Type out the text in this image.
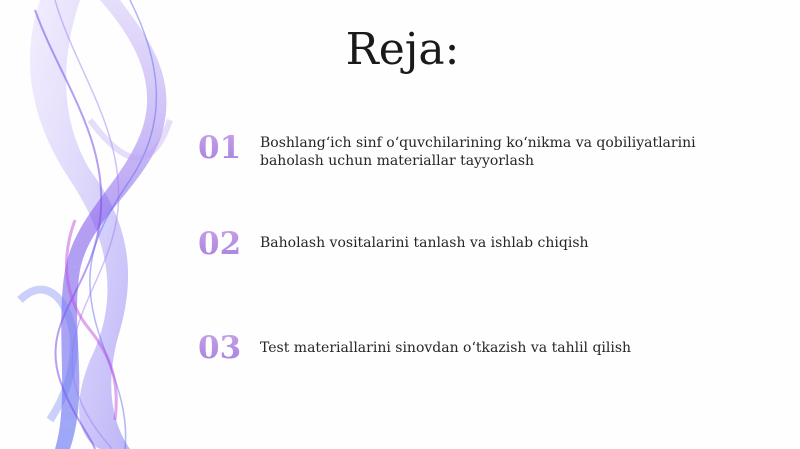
Reja:
01	Boshlang‘ich sinf o‘quvchilarining ko‘nikma va qobiliyatlarini baholash uchun materiallar tayyorlash
02	Baholash vositalarini tanlash va ishlab chiqish
03	Test materiallarini sinovdan o‘tkazish va tahlil qilish
